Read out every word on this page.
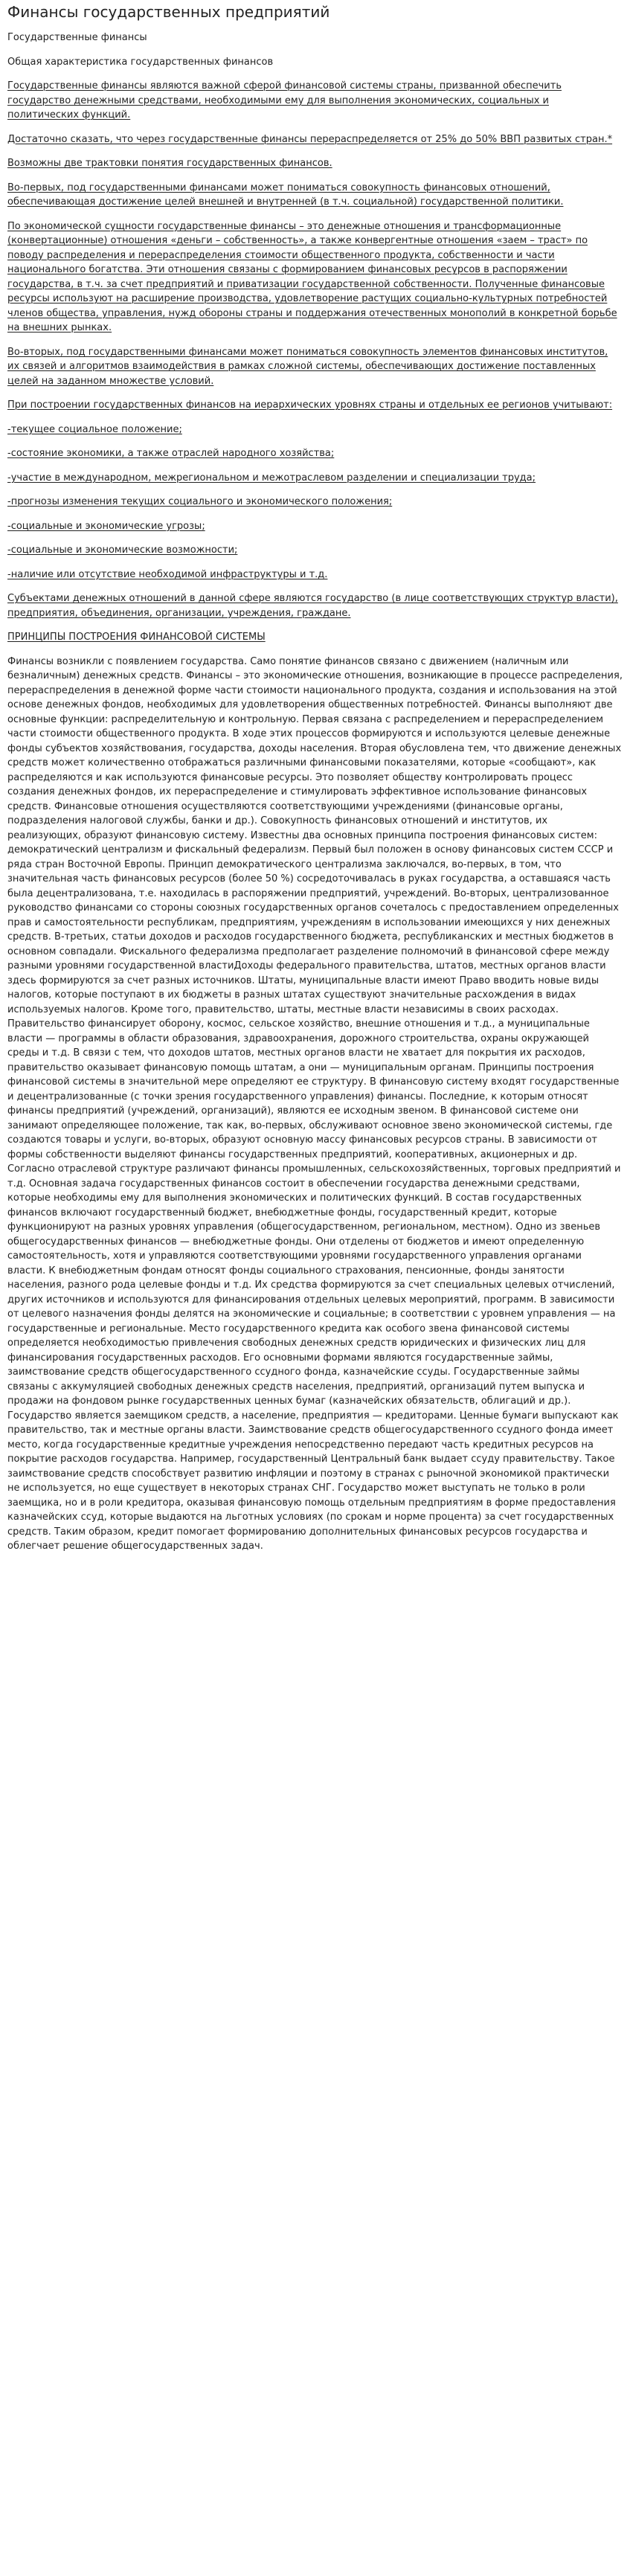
Финансы государственных предприятий

Государственные финансы

Общая характеристика государственных финансов

Государственные финансы являются важной сферой финансовой системы страны, призванной обеспечить государство денежными средствами, необходимыми ему для выполнения экономических, социальных и политических функций.

Достаточно сказать, что через государственные финансы перераспределяется от 25% до 50% ВВП развитых стран.*

Возможны две трактовки понятия государственных финансов.

Во-первых, под государственными финансами может пониматься совокупность финансовых отношений, обеспечивающая достижение целей внешней и внутренней (в т.ч. социальной) государственной политики.

По экономической сущности государственные финансы – это денежные отношения и трансформационные (конвертационные) отношения «деньги – собственность», а также конвергентные отношения «заем – траст» по поводу распределения и перераспределения стоимости общественного продукта, собственности и части национального богатства. Эти отношения связаны с формированием финансовых ресурсов в распоряжении государства, в т.ч. за счет предприятий и приватизации государственной собственности. Полученные финансовые ресурсы используют на расширение производства, удовлетворение растущих социально-культурных потребностей членов общества, управления, нужд обороны страны и поддержания отечественных монополий в конкретной борьбе на внешних рынках.

Во-вторых, под государственными финансами может пониматься совокупность элементов финансовых институтов, их связей и алгоритмов взаимодействия в рамках сложной системы, обеспечивающих достижение поставленных целей на заданном множестве условий.

При построении государственных финансов на иерархических уровнях страны и отдельных ее регионов учитывают:

-текущее социальное положение;

-состояние экономики, а также отраслей народного хозяйства;

-участие в международном, межрегиональном и межотраслевом разделении и специализации труда;

-прогнозы изменения текущих социального и экономического положения;

-социальные и экономические угрозы;

-социальные и экономические возможности;

-наличие или отсутствие необходимой инфраструктуры и т.д.

Субъектами денежных отношений в данной сфере являются государство (в лице соответствующих структур власти), предприятия, объединения, организации, учреждения, граждане.

ПРИНЦИПЫ ПОСТРОЕНИЯ ФИНАНСОВОЙ СИСТЕМЫ

Финансы возникли с появлением государства. Само понятие финансов связано с движением (наличным или безналичным) денежных средств. Финансы – это экономические отношения, возникающие в процессе распределения, перераспределения в денежной форме части стоимости национального продукта, создания и использования на этой основе денежных фондов, необходимых для удовлетворения общественных потребностей. Финансы выполняют две основные функции: распределительную и контрольную. Первая связана с распределением и перераспределением части стоимости общественного продукта. В ходе этих процессов формируются и используются целевые денежные фонды субъектов хозяйствования, государства, доходы населения. Вторая обусловлена тем, что движение денежных средств может количественно отображаться различными финансовыми показателями, которые «сообщают», как распределяются и как используются финансовые ресурсы. Это позволяет обществу контролировать процесс создания денежных фондов, их перераспределение и стимулировать эффективное использование финансовых средств. Финансовые отношения осуществляются соответствующими учреждениями (финансовые органы, подразделения налоговой службы, банки и др.). Совокупность финансовых отношений и институтов, их реализующих, образуют финансовую систему. Известны два основных принципа построения финансовых систем: демократический централизм и фискальный федерализм. Первый был положен в основу финансовых систем СССР и ряда стран Восточной Европы. Принцип демократического централизма заключался, во-первых, в том, что значительная часть финансовых ресурсов (более 50 %) сосредоточивалась в руках государства, а оставшаяся часть была децентрализована, т.е. находилась в распоряжении предприятий, учреждений. Во-вторых, централизованное руководство финансами со стороны союзных государственных органов сочеталось с предоставлением определенных прав и самостоятельности республикам, предприятиям, учреждениям в использовании имеющихся у них денежных средств. В-третьих, статьи доходов и расходов государственного бюджета, республиканских и местных бюджетов в основном совпадали. Фискального федерализма предполагает разделение полномочий в финансовой сфере между разными уровнями государственной властиДоходы федерального правительства, штатов, местных органов власти здесь формируются за счет разных источников. Штаты, муниципальные власти имеют Право вводить новые виды налогов, которые поступают в их бюджеты в разных штатах существуют значительные расхождения в видах используемых налогов. Кроме того, правительство, штаты, местные власти независимы в своих расходах. Правительство финансирует оборону, космос, сельское хозяйство, внешние отношения и т.д., а муниципальные власти — программы в области образования, здравоохранения, дорожного строительства, охраны окружающей среды и т.д. В связи с тем, что доходов штатов, местных органов власти не хватает для покрытия их расходов, правительство оказывает финансовую помощь штатам, а они — муниципальным органам. Принципы построения финансовой системы в значительной мере определяют ее структуру. В финансовую систему входят государственные и децентрализованные (с точки зрения государственного управления) финансы. Последние, к которым относят финансы предприятий (учреждений, организаций), являются ее исходным звеном. В финансовой системе они занимают определяющее положение, так как, во-первых, обслуживают основное звено экономической системы, где создаются товары и услуги, во-вторых, образуют основную массу финансовых ресурсов страны. В зависимости от формы собственности выделяют финансы государственных предприятий, кооперативных, акционерных и др. Согласно отраслевой структуре различают финансы промышленных, сельскохозяйственных, торговых предприятий и т.д. Основная задача государственных финансов состоит в обеспечении государства денежными средствами, которые необходимы ему для выполнения экономических и политических функций. В состав государственных финансов включают государственный бюджет, внебюджетные фонды, государственный кредит, которые функционируют на разных уровнях управления (общегосударственном, региональном, местном). Одно из звеньев общегосударственных финансов — внебюджетные фонды. Они отделены от бюджетов и имеют определенную самостоятельность, хотя и управляются соответствующими уровнями государственного управления органами власти. К внебюджетным фондам относят фонды социального страхования, пенсионные, фонды занятости населения, разного рода целевые фонды и т.д. Их средства формируются за счет специальных целевых отчислений, других источников и используются для финансирования отдельных целевых мероприятий, программ. В зависимости от целевого назначения фонды делятся на экономические и социальные; в соответствии с уровнем управления — на государственные и региональные. Место государственного кредита как особого звена финансовой системы определяется необходимостью привлечения свободных денежных средств юридических и физических лиц для финансирования государственных расходов. Его основными формами являются государственные займы, заимствование средств общегосударственного ссудного фонда, казначейские ссуды. Государственные займы связаны с аккумуляцией свободных денежных средств населения, предприятий, организаций путем выпуска и продажи на фондовом рынке государственных ценных бумаг (казначейских обязательств, облигаций и др.). Государство является заемщиком средств, а население, предприятия — кредиторами. Ценные бумаги выпускают как правительство, так и местные органы власти. Заимствование средств общегосударственного ссудного фонда имеет место, когда государственные кредитные учреждения непосредственно передают часть кредитных ресурсов на покрытие расходов государства. Например, государственный Центральный банк выдает ссуду правительству. Такое заимствование средств способствует развитию инфляции и поэтому в странах с рыночной экономикой практически не используется, но еще существует в некоторых странах СНГ. Государство может выступать не только в роли заемщика, но и в роли кредитора, оказывая финансовую помощь отдельным предприятиям в форме предоставления казначейских ссуд, которые выдаются на льготных условиях (по срокам и норме процента) за счет государственных средств. Таким образом, кредит помогает формированию дополнительных финансовых ресурсов государства и облегчает решение общегосударственных задач.
